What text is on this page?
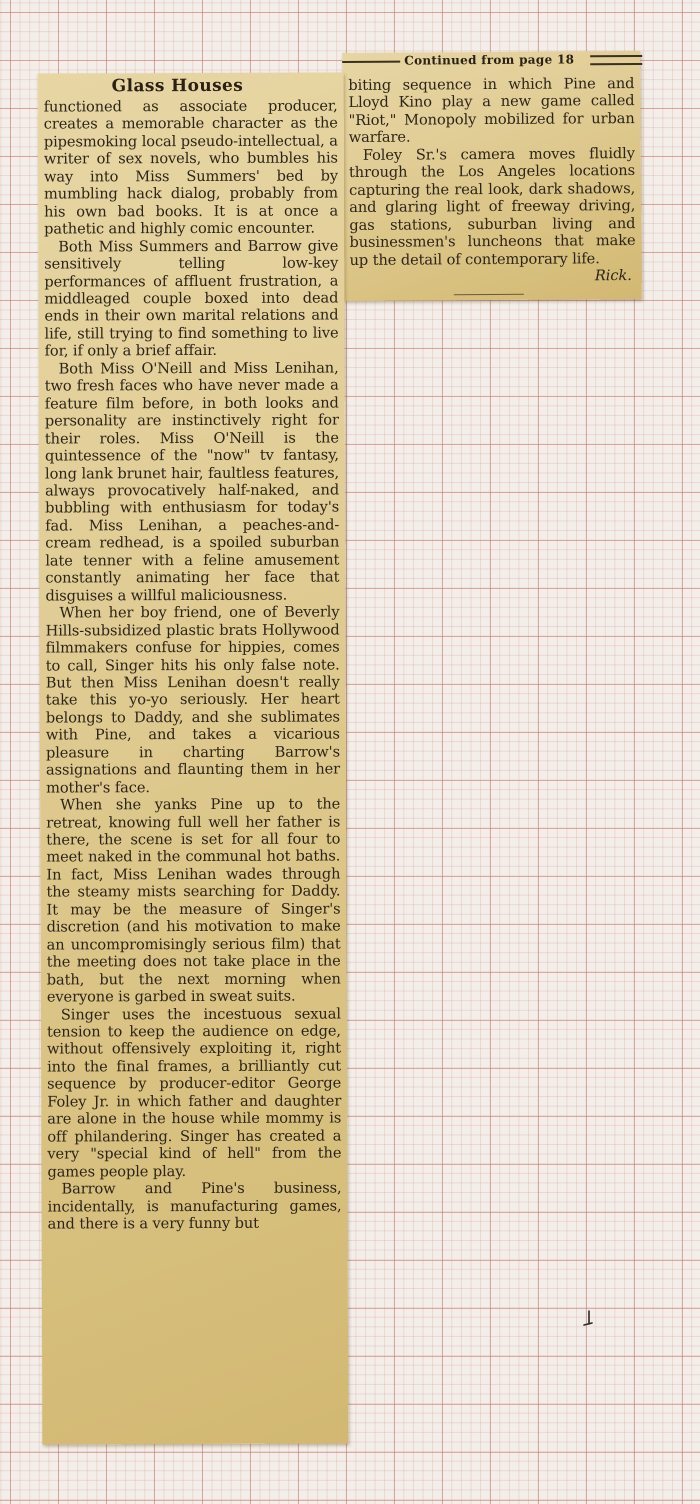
Continued from page 18

biting sequence in which Pine and Lloyd Kino play a new game called "Riot," Monopoly mobilized for urban warfare.

Foley Sr.'s camera moves fluidly through the Los Angeles locations capturing the real look, dark shadows, and glaring light of freeway driving, gas stations, suburban living and businessmen's luncheons that make up the detail of contemporary life.
Rick.

Glass Houses

functioned as associate producer, creates a memorable character as the pipesmoking local pseudo-intellectual, a writer of sex novels, who bumbles his way into Miss Summers' bed by mumbling hack dialog, probably from his own bad books. It is at once a pathetic and highly comic encounter.

Both Miss Summers and Barrow give sensitively telling low-key performances of affluent frustration, a middleaged couple boxed into dead ends in their own marital relations and life, still trying to find something to live for, if only a brief affair.

Both Miss O'Neill and Miss Lenihan, two fresh faces who have never made a feature film before, in both looks and personality are instinctively right for their roles. Miss O'Neill is the quintessence of the "now" tv fantasy, long lank brunet hair, faultless features, always provocatively half-naked, and bubbling with enthusiasm for today's fad. Miss Lenihan, a peaches-and-cream redhead, is a spoiled suburban late tenner with a feline amusement constantly animating her face that disguises a willful maliciousness.

When her boy friend, one of Beverly Hills-subsidized plastic brats Hollywood filmmakers confuse for hippies, comes to call, Singer hits his only false note. But then Miss Lenihan doesn't really take this yo-yo seriously. Her heart belongs to Daddy, and she sublimates with Pine, and takes a vicarious pleasure in charting Barrow's assignations and flaunting them in her mother's face.

When she yanks Pine up to the retreat, knowing full well her father is there, the scene is set for all four to meet naked in the communal hot baths. In fact, Miss Lenihan wades through the steamy mists searching for Daddy. It may be the measure of Singer's discretion (and his motivation to make an uncompromisingly serious film) that the meeting does not take place in the bath, but the next morning when everyone is garbed in sweat suits.

Singer uses the incestuous sexual tension to keep the audience on edge, without offensively exploiting it, right into the final frames, a brilliantly cut sequence by producer-editor George Foley Jr. in which father and daughter are alone in the house while mommy is off philandering. Singer has created a very "special kind of hell" from the games people play.

Barrow and Pine's business, incidentally, is manufacturing games, and there is a very funny but
